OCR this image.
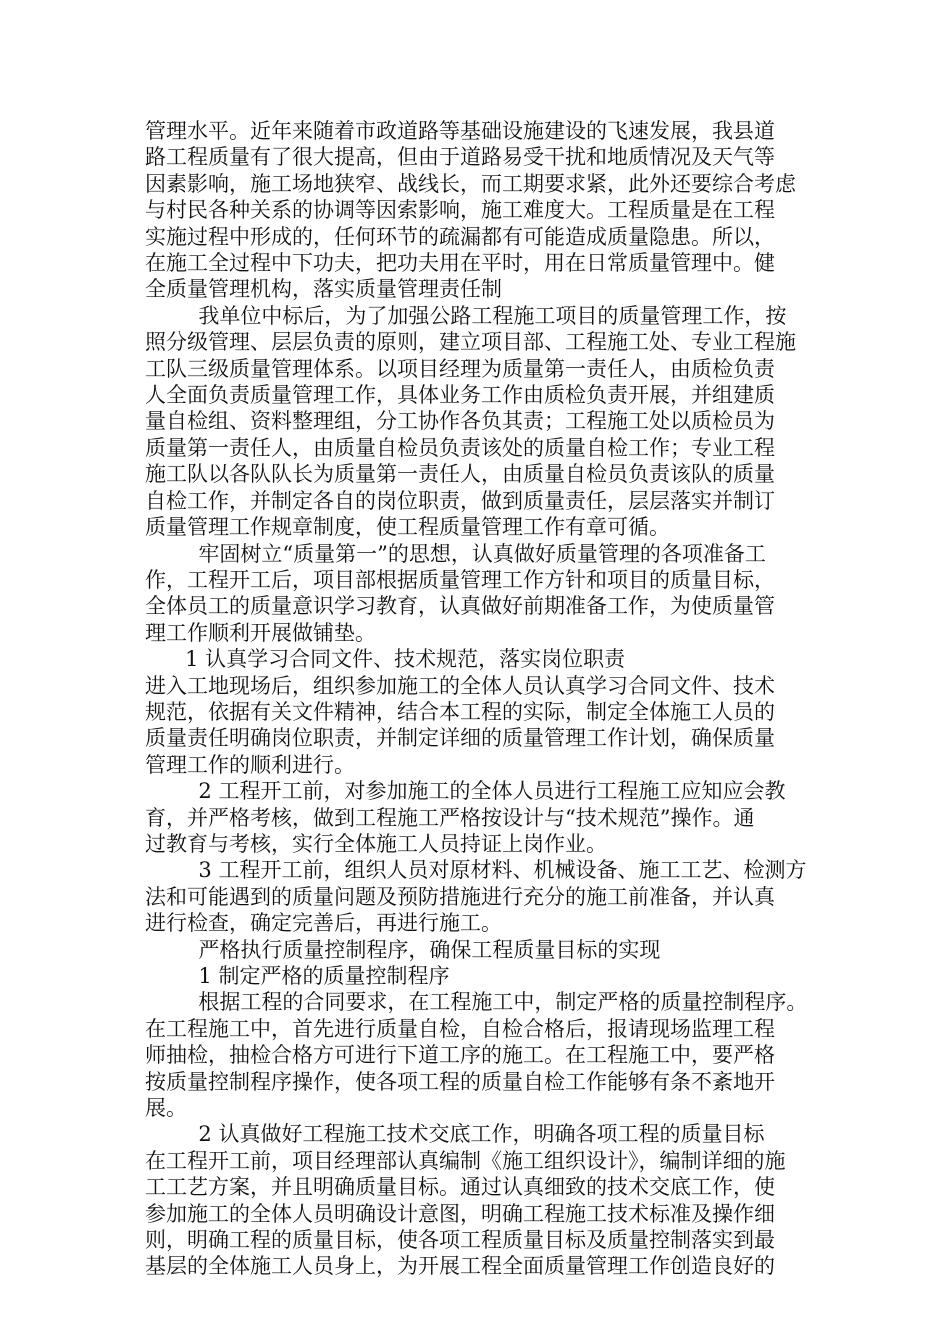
管理水平。近年来随着市政道路等基础设施建设的飞速发展，我县道
路工程质量有了很大提高，但由于道路易受干扰和地质情况及天气等
因素影响，施工场地狭窄、战线长，而工期要求紧，此外还要综合考虑
与村民各种关系的协调等因索影响，施工难度大。工程质量是在工程
实施过程中形成的，任何环节的疏漏都有可能造成质量隐患。所以，
在施工全过程中下功夫，把功夫用在平时，用在日常质量管理中。健
全质量管理机构，落实质量管理责任制

我单位中标后，为了加强公路工程施工项目的质量管理工作，按
照分级管理、层层负责的原则，建立项目部、工程施工处、专业工程施
工队三级质量管理体系。以项目经理为质量第一责任人，由质检负责
人全面负责质量管理工作，具体业务工作由质检负责开展，并组建质
量自检组、资料整理组，分工协作各负其责；工程施工处以质检员为
质量第一责任人，由质量自检员负责该处的质量自检工作；专业工程
施工队以各队队长为质量第一责任人，由质量自检员负责该队的质量
自检工作，并制定各自的岗位职责，做到质量责任，层层落实并制订
质量管理工作规章制度，使工程质量管理工作有章可循。

牢固树立“质量第一”的思想，认真做好质量管理的各项准备工
作，工程开工后，项目部根据质量管理工作方针和项目的质量目标，
全体员工的质量意识学习教育，认真做好前期准备工作，为使质量管
理工作顺利开展做铺垫。

1 认真学习合同文件、技术规范，落实岗位职责
进入工地现场后，组织参加施工的全体人员认真学习合同文件、技术
规范，依据有关文件精神，结合本工程的实际，制定全体施工人员的
质量责任明确岗位职责，并制定详细的质量管理工作计划，确保质量
管理工作的顺利进行。

2 工程开工前，对参加施工的全体人员进行工程施工应知应会教
育，并严格考核，做到工程施工严格按设计与“技术规范”操作。通
过教育与考核，实行全体施工人员持证上岗作业。

3 工程开工前，组织人员对原材料、机械设备、施工工艺、检测方
法和可能遇到的质量问题及预防措施进行充分的施工前准备，并认真
进行检查，确定完善后，再进行施工。

严格执行质量控制程序，确保工程质量目标的实现

1 制定严格的质量控制程序

根据工程的合同要求，在工程施工中，制定严格的质量控制程序。
在工程施工中，首先进行质量自检，自检合格后，报请现场监理工程
师抽检，抽检合格方可进行下道工序的施工。在工程施工中，要严格
按质量控制程序操作，使各项工程的质量自检工作能够有条不紊地开
展。

2 认真做好工程施工技术交底工作，明确各项工程的质量目标
在工程开工前，项目经理部认真编制《施工组织设计》，编制详细的施
工工艺方案，并且明确质量目标。通过认真细致的技术交底工作，使
参加施工的全体人员明确设计意图，明确工程施工技术标准及操作细
则，明确工程的质量目标，使各项工程质量目标及质量控制落实到最
基层的全体施工人员身上，为开展工程全面质量管理工作创造良好的
